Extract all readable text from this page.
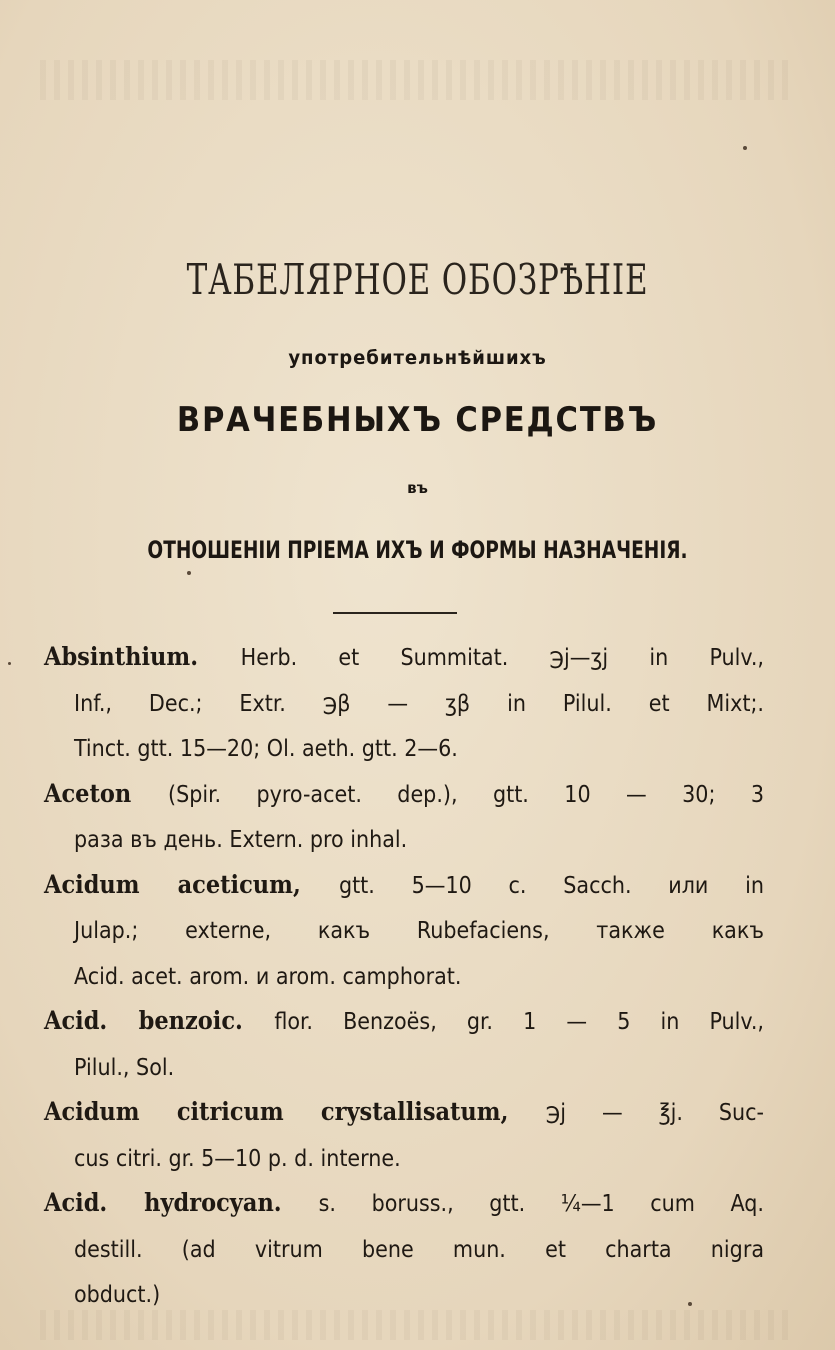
ТАБЕЛЯРНОЕ ОБОЗРѢНІЕ
употребительнѣйшихъ
ВРАЧЕБНЫХЪ СРЕДСТВЪ
въ
ОТНОШЕНІИ ПРІЕМА ИХЪ И ФОРМЫ НАЗНАЧЕНІЯ.
Absinthium. Herb. et Summitat. ℈j—ʒj in Pulv.,
Inf., Dec.; Extr. ℈β — ʒβ in Pilul. et Mixt;.
Tinct. gtt. 15—20; Ol. aeth. gtt. 2—6.
Aceton (Spir. pyro-acet. dep.), gtt. 10 — 30; 3
раза въ день. Extern. pro inhal.
Acidum aceticum, gtt. 5—10 c. Sacch. или in
Julap.; externe, какъ Rubefaciens, также какъ
Acid. acet. arom. и arom. camphorat.
Acid. benzoic. flor. Benzoës, gr. 1 — 5 in Pulv.,
Pilul., Sol.
Acidum citricum crystallisatum, ℈j — ℥j. Suc-
cus citri. gr. 5—10 p. d. interne.
Acid. hydrocyan. s. boruss., gtt. ¼—1 cum Aq.
destill. (ad vitrum bene mun. et charta nigra
obduct.)
